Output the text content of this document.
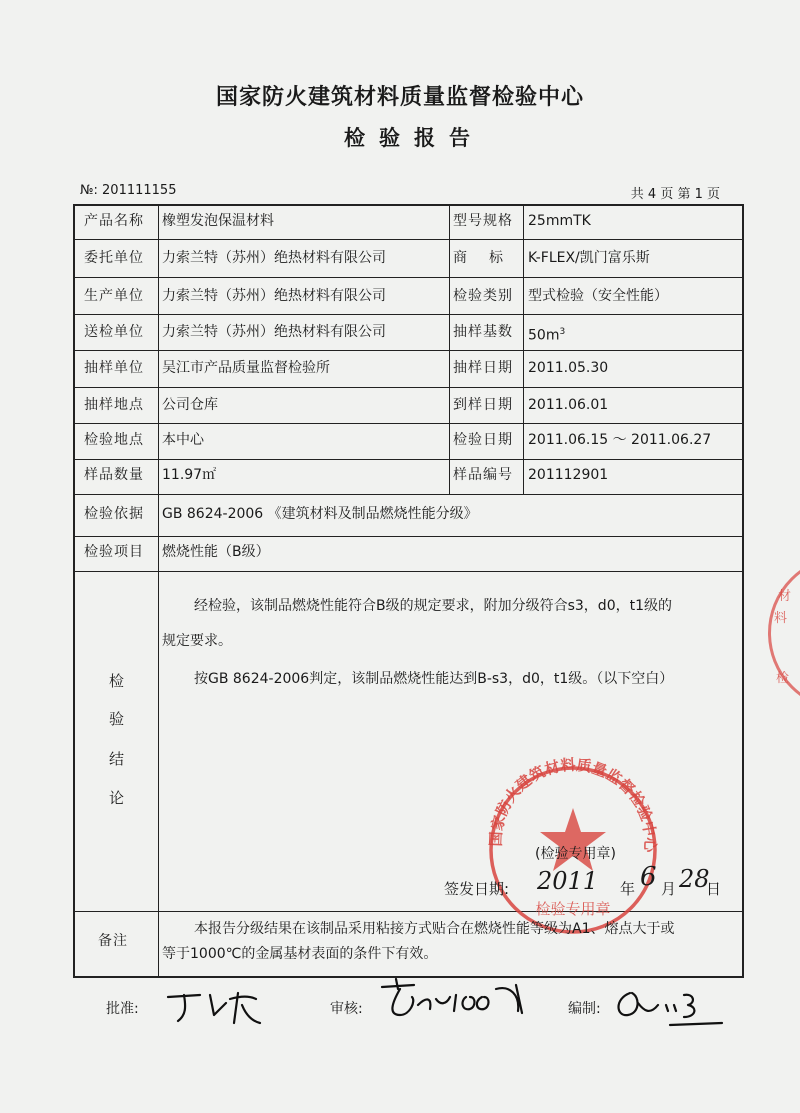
国家防火建筑材料质量监督检验中心
检验报告
№: 201111155	共 4 页 第 1 页
产品名称 橡塑发泡保温材料	型号规格 25mmTK
委托单位 力索兰特（苏州）绝热材料有限公司	商标 K-FLEX/凯门富乐斯
生产单位 力索兰特（苏州）绝热材料有限公司	检验类别 型式检验（安全性能）
送检单位 力索兰特（苏州）绝热材料有限公司	抽样基数 $50m^3$
抽样单位 吴江市产品质量监督检验所	抽样日期 2011.05.30
抽样地点 公司仓库	到样日期 2011.06.01
检验地点 本中心	检验日期 2011.06.15 ～ 2011.06.27
样品数量 11.97㎡	样品编号 201112901
检验依据 GB 8624-2006 《建筑材料及制品燃烧性能分级》
检验项目 燃烧性能（B级）
检
验
结
论
经检验，该制品燃烧性能符合B级的规定要求，附加分级符合s3，d0，t1级的
规定要求。
按GB 8624-2006判定，该制品燃烧性能达到B-s3，d0，t1级。（以下空白）
国家防火建筑材料质量监督检验中心
检验专用章
材
料
检
(检验专用章)
签发日期: 2011 年 6 月 28
日
备注
本报告分级结果在该制品采用粘接方式贴合在燃烧性能等级为A1、熔点大于或
等于1000℃的金属基材表面的条件下有效。
批准:	审核:	编制:
